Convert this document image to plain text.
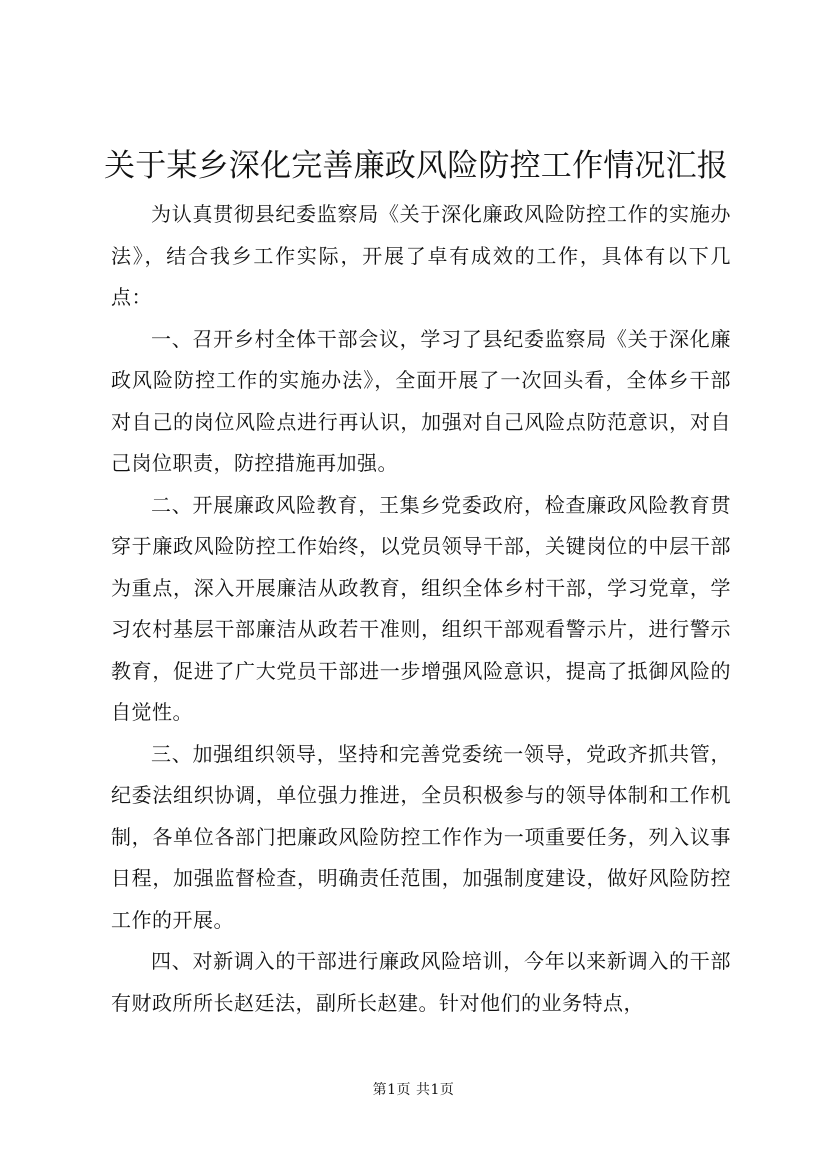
关于某乡深化完善廉政风险防控工作情况汇报

为认真贯彻县纪委监察局《关于深化廉政风险防控工作的实施办法》，结合我乡工作实际，开展了卓有成效的工作，具体有以下几点：

一、召开乡村全体干部会议，学习了县纪委监察局《关于深化廉政风险防控工作的实施办法》，全面开展了一次回头看，全体乡干部对自己的岗位风险点进行再认识，加强对自己风险点防范意识，对自己岗位职责，防控措施再加强。

二、开展廉政风险教育，王集乡党委政府，检查廉政风险教育贯穿于廉政风险防控工作始终，以党员领导干部，关键岗位的中层干部为重点，深入开展廉洁从政教育，组织全体乡村干部，学习党章，学习农村基层干部廉洁从政若干准则，组织干部观看警示片，进行警示教育，促进了广大党员干部进一步增强风险意识，提高了抵御风险的自觉性。

三、加强组织领导，坚持和完善党委统一领导，党政齐抓共管，纪委法组织协调，单位强力推进，全员积极参与的领导体制和工作机制，各单位各部门把廉政风险防控工作作为一项重要任务，列入议事日程，加强监督检查，明确责任范围，加强制度建设，做好风险防控工作的开展。

四、对新调入的干部进行廉政风险培训，今年以来新调入的干部有财政所所长赵廷法，副所长赵建。针对他们的业务特点，

第1页 共1页
